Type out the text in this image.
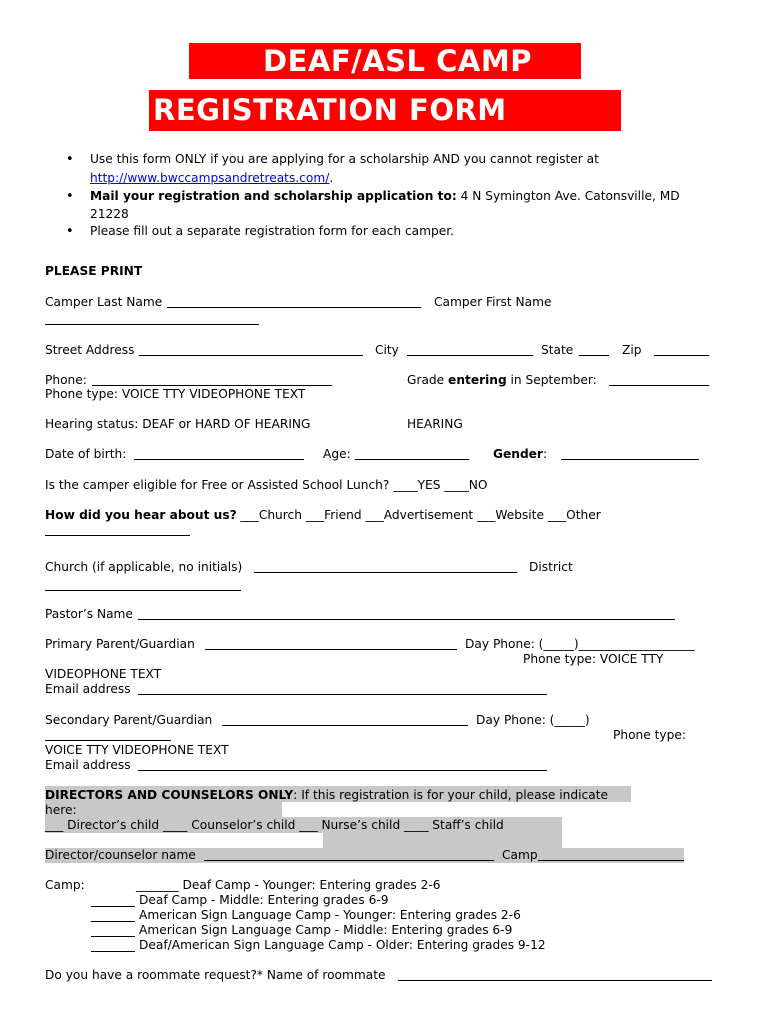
DEAF/ASL CAMP
REGISTRATION FORM
• Use this form ONLY if you are applying for a scholarship AND you cannot register at
http://www.bwccampsandretreats.com/.
• Mail your registration and scholarship application to: 4 N Symington Ave. Catonsville, MD
21228
• Please fill out a separate registration form for each camper.
PLEASE PRINT
Camper Last Name	Camper First Name
Street Address	City	State	Zip
Phone:
Phone type: VOICE TTY VIDEOPHONE TEXT
Grade entering in September:
Hearing status: DEAF or HARD OF HEARING	HEARING
Date of birth:	Age:	Gender:
Is the camper eligible for Free or Assisted School Lunch? ____YES ____NO
How did you hear about us? ___Church ___Friend ___Advertisement ___Website ___Other
Church (if applicable, no initials)	District
Pastor’s Name
Primary Parent/Guardian	Day Phone: (_____)___________________
Phone type: VOICE TTY
VIDEOPHONE TEXT
Email address
Secondary Parent/Guardian	Day Phone: (_____)
Phone type:
VOICE TTY VIDEOPHONE TEXT
Email address
DIRECTORS AND COUNSELORS ONLY: If this registration is for your child, please indicate
here:
___ Director’s child ____ Counselor’s child ___ Nurse’s child ____ Staff’s child
Director/counselor name	Camp
Camp:	_______ Deaf Camp - Younger: Entering grades 2-6
Deaf Camp - Middle: Entering grades 6-9
American Sign Language Camp - Younger: Entering grades 2-6
American Sign Language Camp - Middle: Entering grades 6-9
Deaf/American Sign Language Camp - Older: Entering grades 9-12
Do you have a roommate request?* Name of roommate
